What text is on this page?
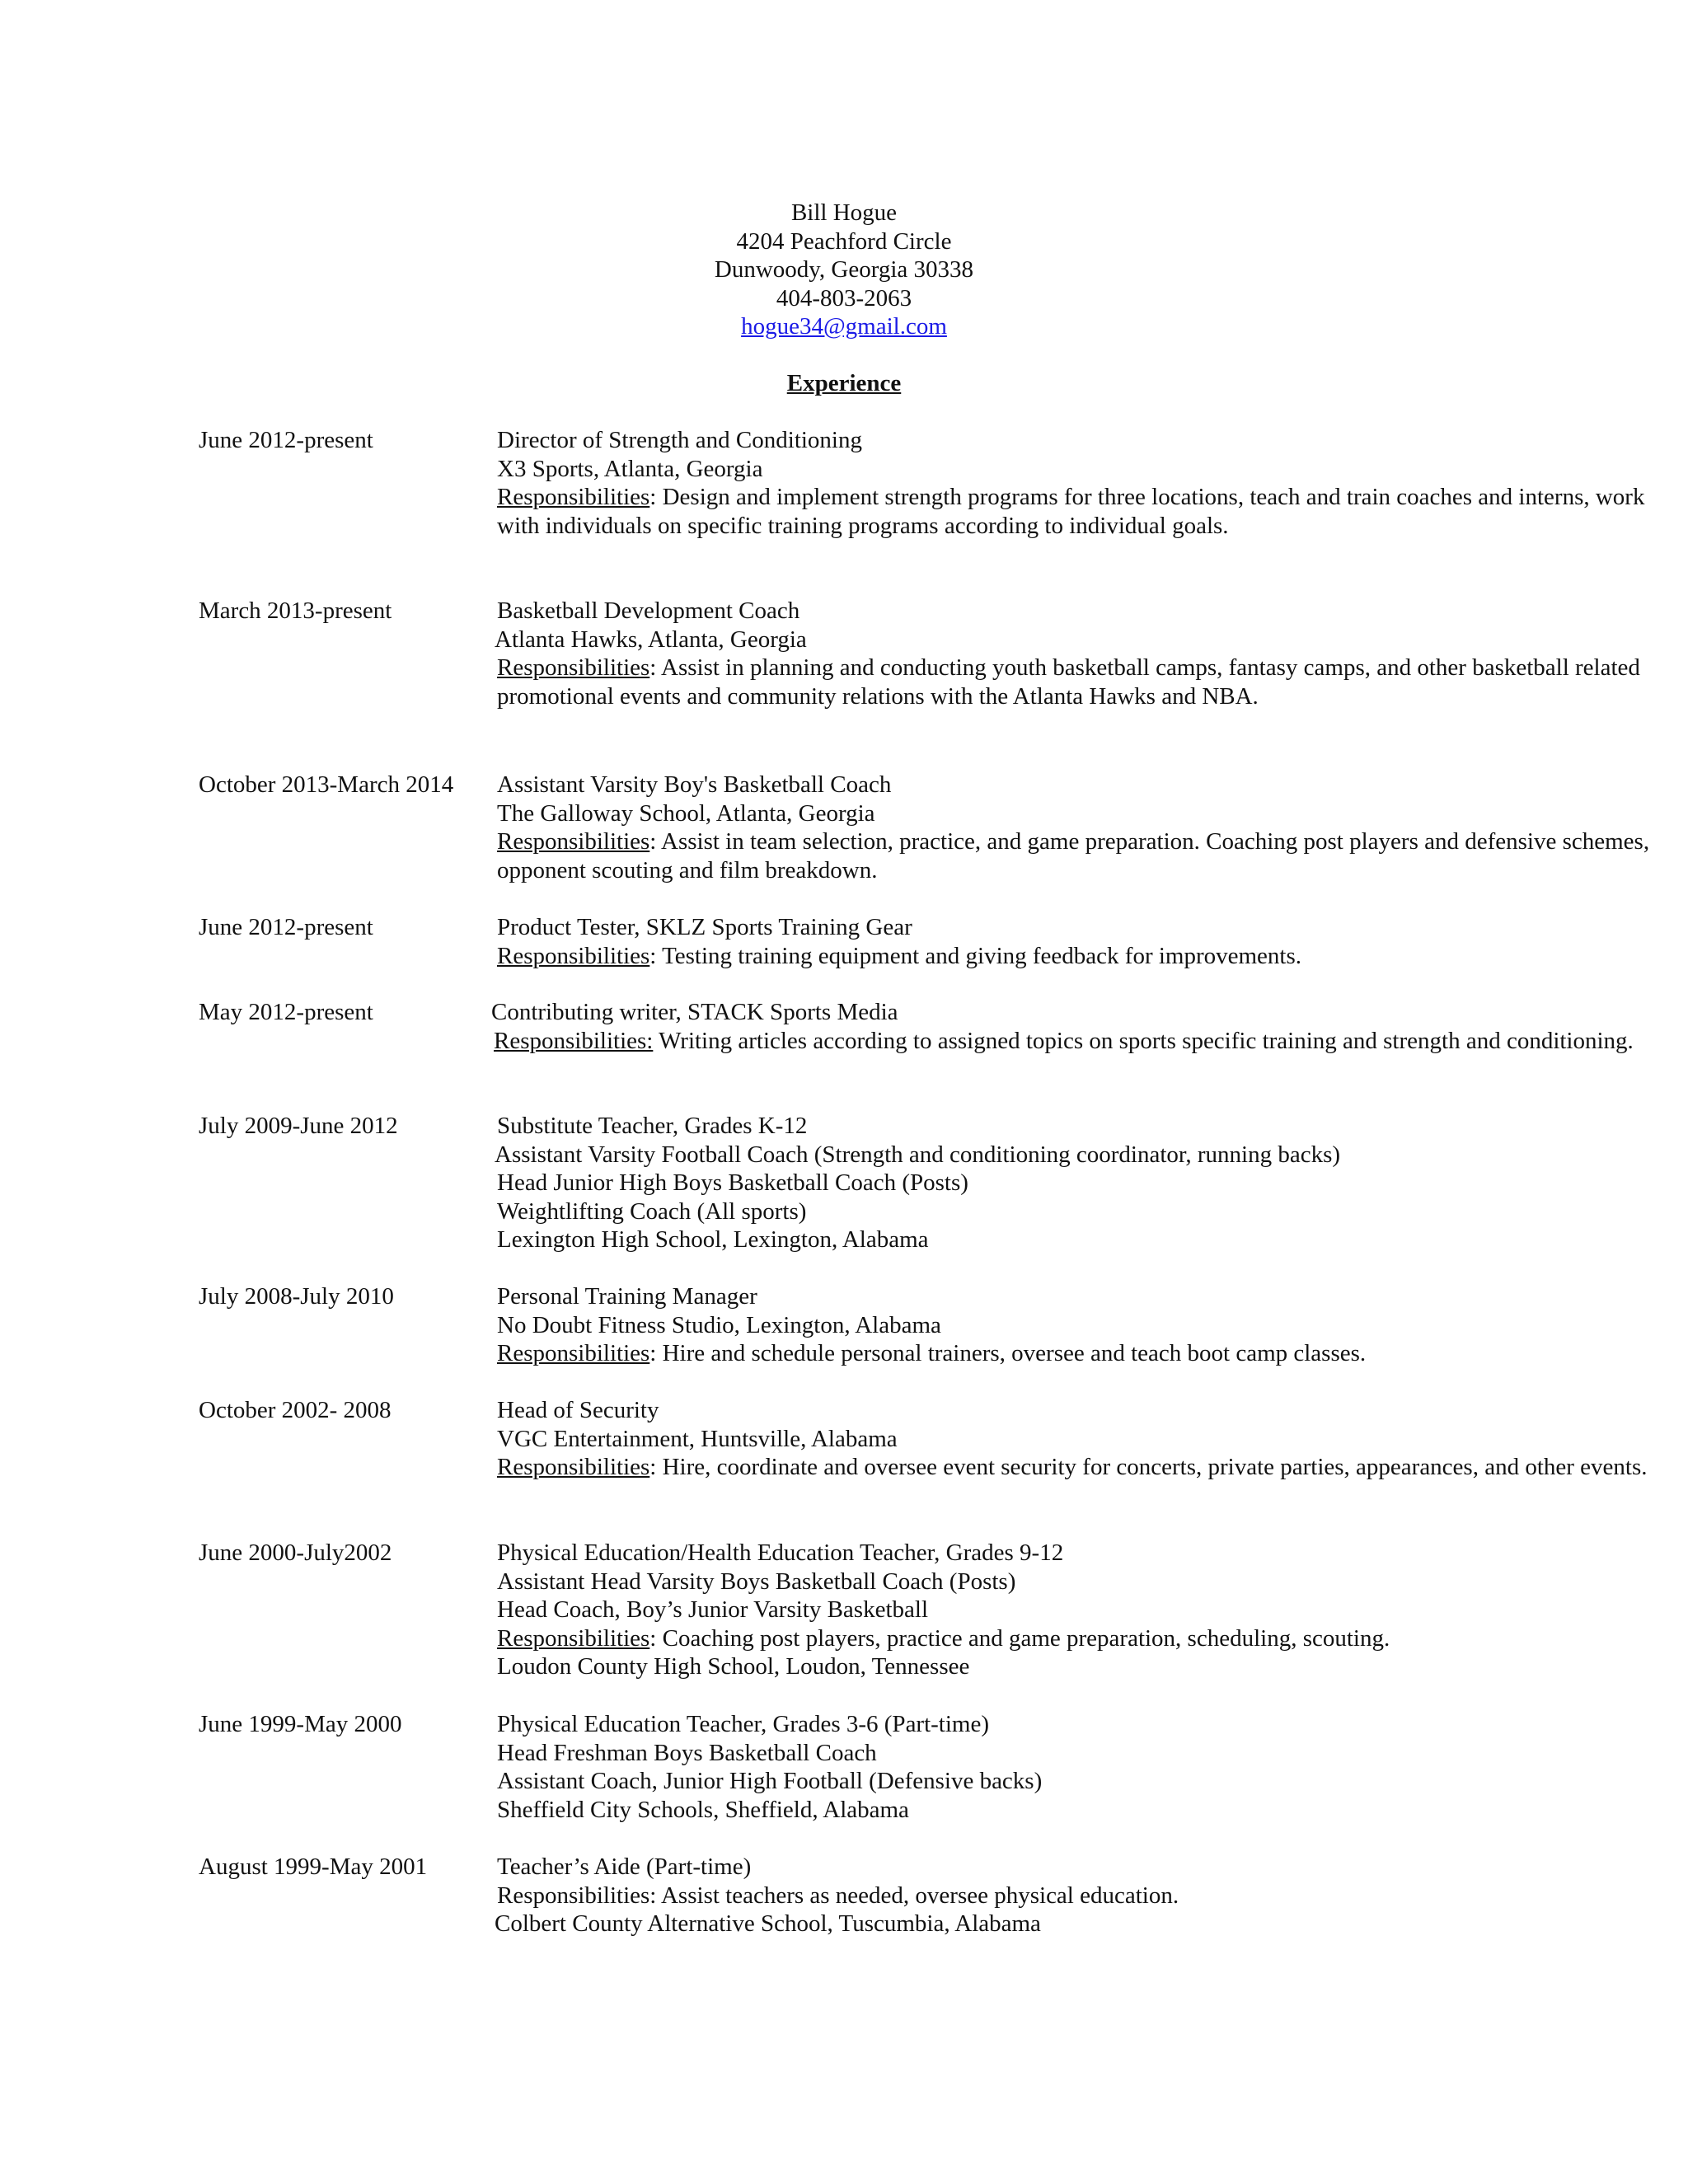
Bill Hogue
4204 Peachford Circle
Dunwoody, Georgia 30338
404-803-2063
hogue34@gmail.com
Experience
June 2012-present	Director of Strength and Conditioning
X3 Sports, Atlanta, Georgia
Responsibilities: Design and implement strength programs for three locations, teach and train coaches and interns, work with individuals on specific training programs according to individual goals.
March 2013-present	Basketball Development Coach
Atlanta Hawks, Atlanta, Georgia
Responsibilities: Assist in planning and conducting youth basketball camps, fantasy camps, and other basketball related promotional events and community relations with the Atlanta Hawks and NBA.
October 2013-March 2014 Assistant Varsity Boy's Basketball Coach
The Galloway School, Atlanta, Georgia
Responsibilities: Assist in team selection, practice, and game preparation. Coaching post players and defensive schemes, opponent scouting and film breakdown.
June 2012-present	Product Tester, SKLZ Sports Training Gear
Responsibilities: Testing training equipment and giving feedback for improvements.
May 2012-present	Contributing writer, STACK Sports Media
Responsibilities: Writing articles according to assigned topics on sports specific training and strength and conditioning.
July 2009-June 2012	Substitute Teacher, Grades K-12
Assistant Varsity Football Coach (Strength and conditioning coordinator, running backs)
Head Junior High Boys Basketball Coach (Posts)
Weightlifting Coach (All sports)
Lexington High School, Lexington, Alabama
July 2008-July 2010	Personal Training Manager
No Doubt Fitness Studio, Lexington, Alabama
Responsibilities: Hire and schedule personal trainers, oversee and teach boot camp classes.
October 2002- 2008	Head of Security
VGC Entertainment, Huntsville, Alabama
Responsibilities: Hire, coordinate and oversee event security for concerts, private parties, appearances, and other events.
June 2000-July2002	Physical Education/Health Education Teacher, Grades 9-12
Assistant Head Varsity Boys Basketball Coach (Posts)
Head Coach, Boy’s Junior Varsity Basketball
Responsibilities: Coaching post players, practice and game preparation, scheduling, scouting.
Loudon County High School, Loudon, Tennessee
June 1999-May 2000	Physical Education Teacher, Grades 3-6 (Part-time)
Head Freshman Boys Basketball Coach
Assistant Coach, Junior High Football (Defensive backs)
Sheffield City Schools, Sheffield, Alabama
August 1999-May 2001	Teacher’s Aide (Part-time)
Responsibilities: Assist teachers as needed, oversee physical education.
Colbert County Alternative School, Tuscumbia, Alabama
